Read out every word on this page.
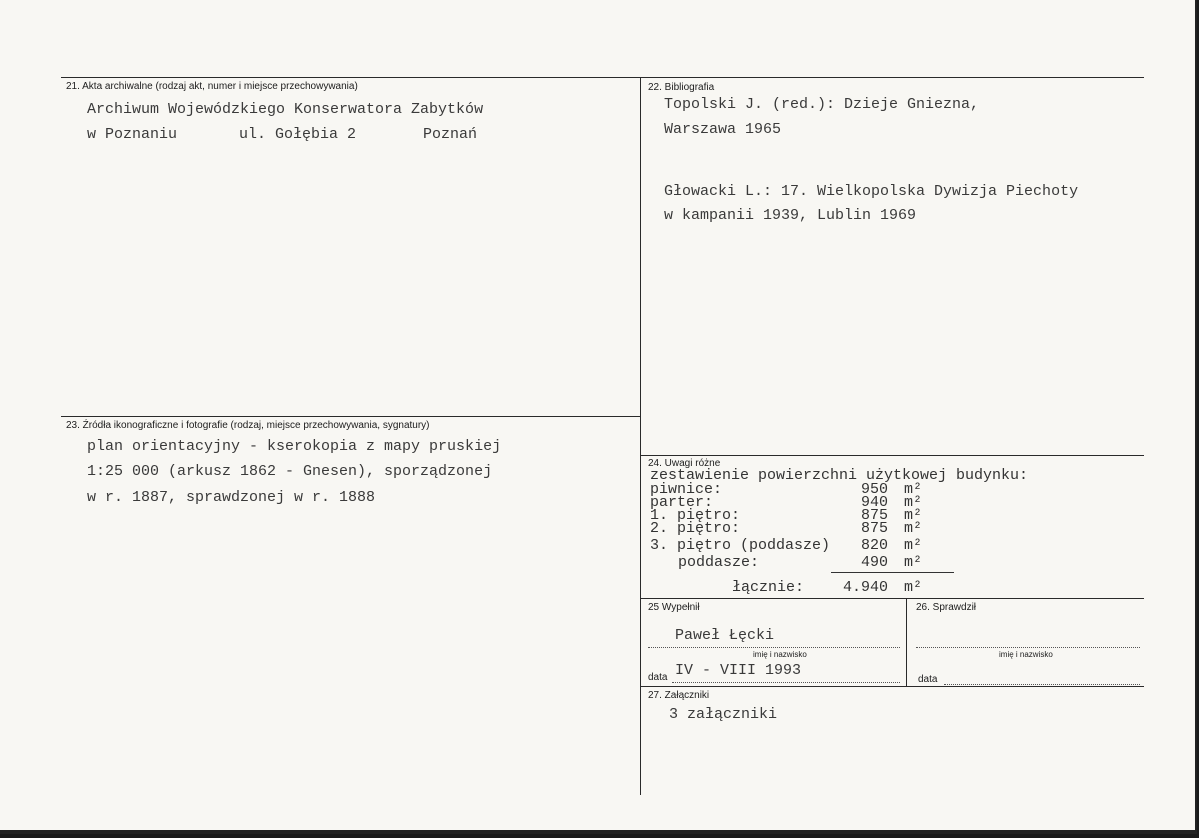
21. Akta archiwalne (rodzaj akt, numer i miejsce przechowywania)
Archiwum Wojewódzkiego Konserwatora Zabytków
w Poznaniu	ul. Gołębia 2	Poznań
22. Bibliografia
Topolski J. (red.): Dzieje Gniezna,
Warszawa 1965
Głowacki L.: 17. Wielkopolska Dywizja Piechoty
w kampanii 1939, Lublin 1969
23. Źródła ikonograficzne i fotografie (rodzaj, miejsce przechowywania, sygnatury)
plan orientacyjny - kserokopia z mapy pruskiej
1:25 000 (arkusz 1862 - Gnesen), sporządzonej
w r. 1887, sprawdzonej w r. 1888
24. Uwagi różne
zestawienie powierzchni użytkowej budynku:
piwnice:	950 m²
parter:	940 m²
1. piętro:	875 m²
2. piętro:	875 m²
3. piętro (poddasze) 820 m²
poddasze:	490 m²
łącznie:	4.940 m²
25 Wypełnił
Paweł Łęcki
imię i nazwisko
data IV - VIII 1993
26. Sprawdził
imię i nazwisko
data
27. Załączniki
3 załączniki
